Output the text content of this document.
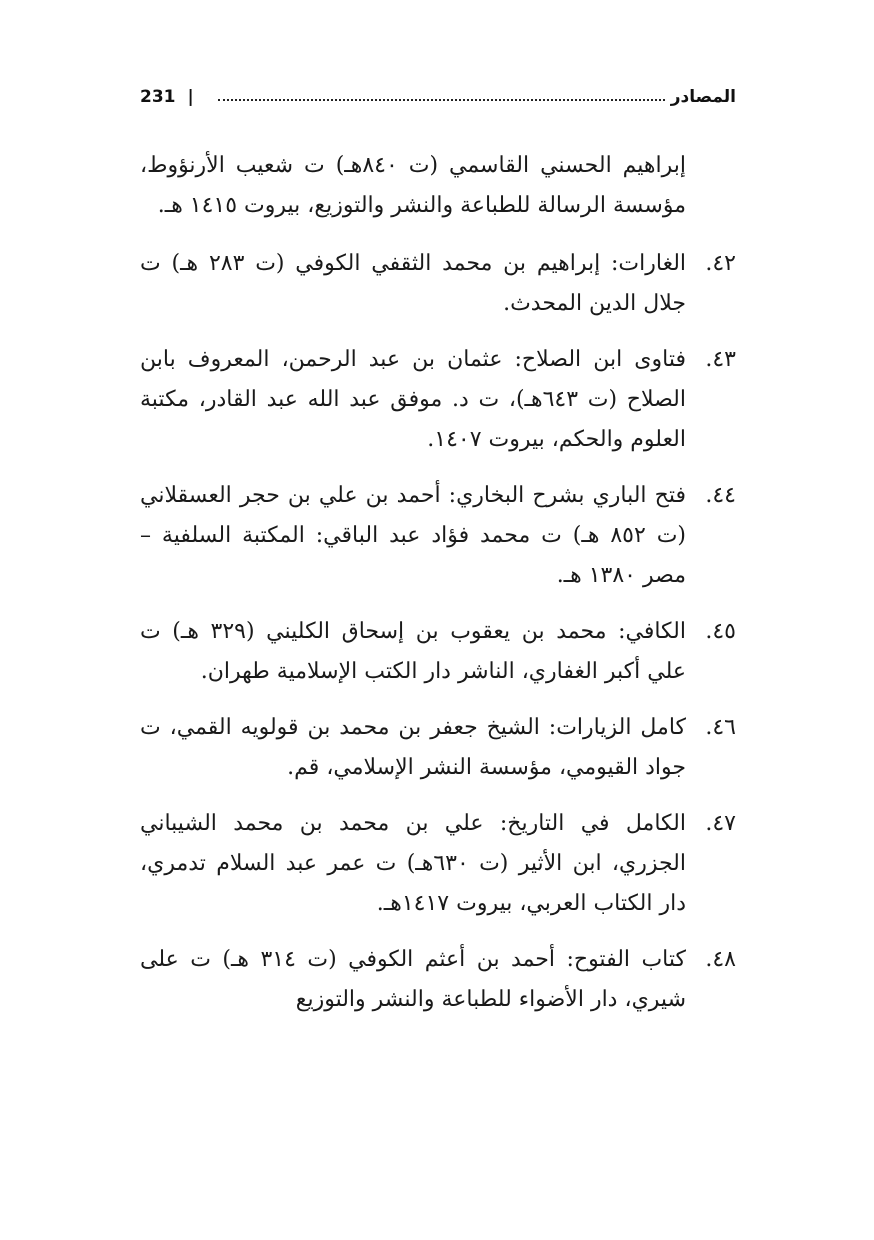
المصادر
|
231

إبراهيم الحسني القاسمي (ت ٨٤٠هـ) ت شعيب الأرنؤوط، مؤسسة الرسالة للطباعة والنشر والتوزيع، بيروت ١٤١٥ هـ.

٤٢.
الغارات: إبراهيم بن محمد الثقفي الكوفي (ت ٢٨٣ هـ) ت جلال الدين المحدث.
٤٣.
فتاوى ابن الصلاح: عثمان بن عبد الرحمن، المعروف بابن الصلاح (ت ٦٤٣هـ)، ت د. موفق عبد الله عبد القادر، مكتبة العلوم والحكم، بيروت ١٤٠٧.
٤٤.
فتح الباري بشرح البخاري: أحمد بن علي بن حجر العسقلاني (ت ٨٥٢ هـ) ت محمد فؤاد عبد الباقي: المكتبة السلفية – مصر ١٣٨٠ هـ.
٤٥.
الكافي: محمد بن يعقوب بن إسحاق الكليني (٣٢٩ هـ) ت علي أكبر الغفاري، الناشر دار الكتب الإسلامية طهران.
٤٦.
كامل الزيارات: الشيخ جعفر بن محمد بن قولويه القمي، ت جواد القيومي، مؤسسة النشر الإسلامي، قم.
٤٧.
الكامل في التاريخ: علي بن محمد بن محمد الشيباني الجزري، ابن الأثير (ت ٦٣٠هـ) ت عمر عبد السلام تدمري، دار الكتاب العربي، بيروت ١٤١٧هـ.
٤٨.
كتاب الفتوح: أحمد بن أعثم الكوفي (ت ٣١٤ هـ) ت على شيري، دار الأضواء للطباعة والنشر والتوزيع
